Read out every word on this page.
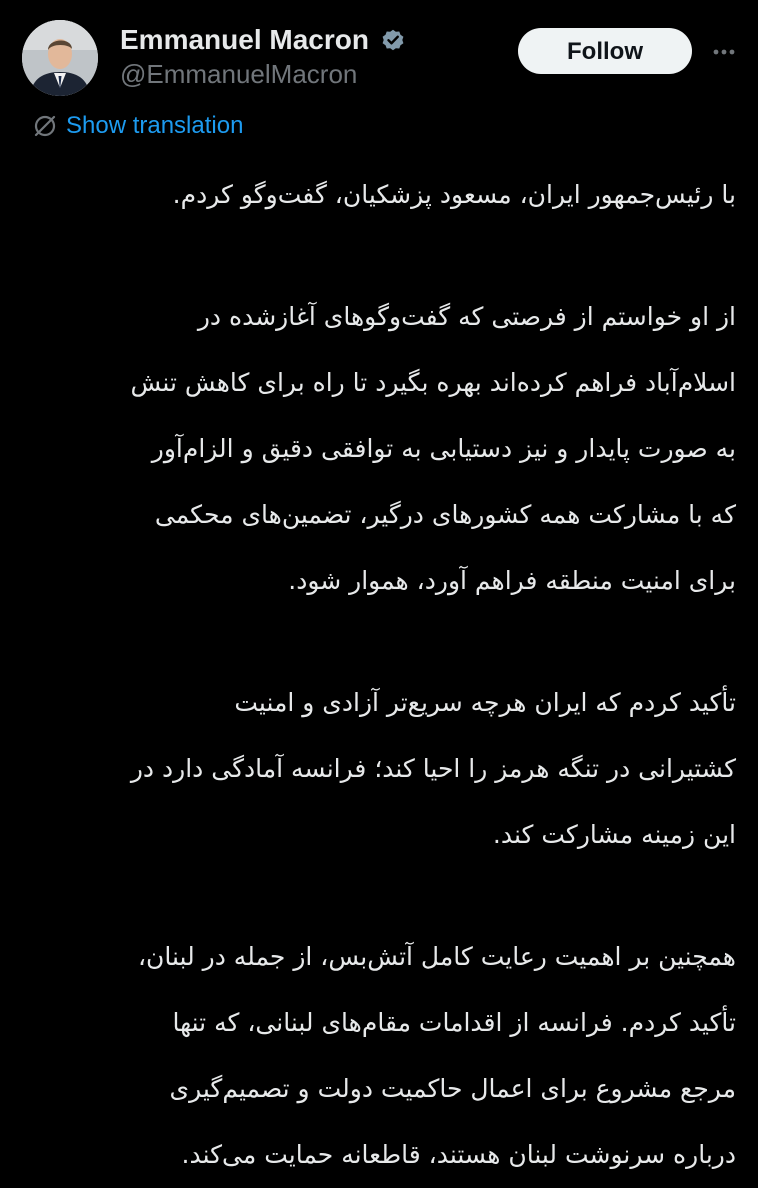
Emmanuel Macron
@EmmanuelMacron
Follow
Show translation
با رئیس‌جمهور ایران، مسعود پزشکیان، گفت‌وگو کردم.
از او خواستم از فرصتی که گفت‌وگوهای آغازشده در
اسلام‌آباد فراهم کرده‌اند بهره بگیرد تا راه برای کاهش تنش
به صورت پایدار و نیز دستیابی به توافقی دقیق و الزام‌آور
که با مشارکت همه کشورهای درگیر، تضمین‌های محکمی
برای امنیت منطقه فراهم آورد، هموار شود.
تأکید کردم که ایران هرچه سریع‌تر آزادی و امنیت
کشتیرانی در تنگه هرمز را احیا کند؛ فرانسه آمادگی دارد در
این زمینه مشارکت کند.
همچنین بر اهمیت رعایت کامل آتش‌بس، از جمله در لبنان،
تأکید کردم. فرانسه از اقدامات مقام‌های لبنانی، که تنها
مرجع مشروع برای اعمال حاکمیت دولت و تصمیم‌گیری
درباره سرنوشت لبنان هستند، قاطعانه حمایت می‌کند.
